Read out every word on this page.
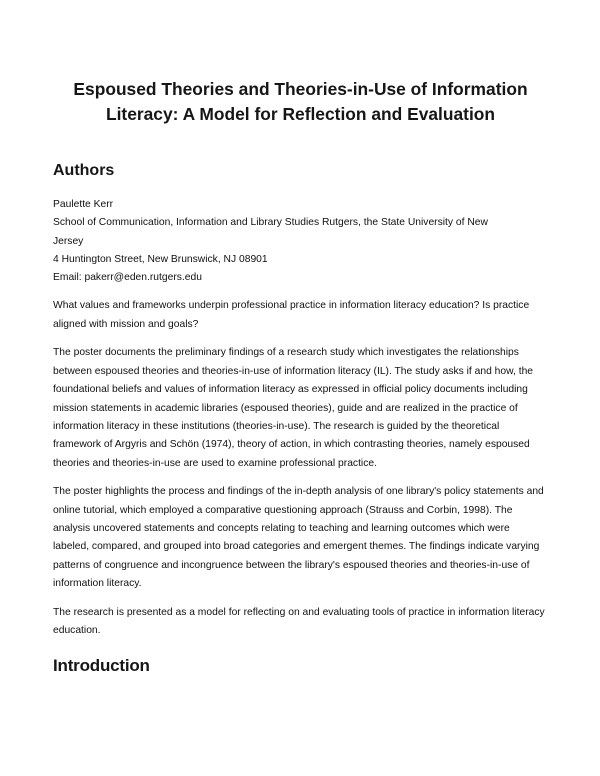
Espoused Theories and Theories-in-Use of Information
Literacy: A Model for Reflection and Evaluation
Authors
Paulette Kerr
School of Communication, Information and Library Studies Rutgers, the State University of New
Jersey
4 Huntington Street, New Brunswick, NJ 08901
Email: pakerr@eden.rutgers.edu

What values and frameworks underpin professional practice in information literacy education? Is practice aligned with mission and goals?

The poster documents the preliminary findings of a research study which investigates the relationships between espoused theories and theories-in-use of information literacy (IL). The study asks if and how, the foundational beliefs and values of information literacy as expressed in official policy documents including mission statements in academic libraries (espoused theories), guide and are realized in the practice of information literacy in these institutions (theories-in-use). The research is guided by the theoretical framework of Argyris and Schön (1974), theory of action, in which contrasting theories, namely espoused theories and theories-in-use are used to examine professional practice.

The poster highlights the process and findings of the in-depth analysis of one library's policy statements and online tutorial, which employed a comparative questioning approach (Strauss and Corbin, 1998). The analysis uncovered statements and concepts relating to teaching and learning outcomes which were labeled, compared, and grouped into broad categories and emergent themes. The findings indicate varying patterns of congruence and incongruence between the library's espoused theories and theories-in-use of information literacy.

The research is presented as a model for reflecting on and evaluating tools of practice in information literacy education.

Introduction
